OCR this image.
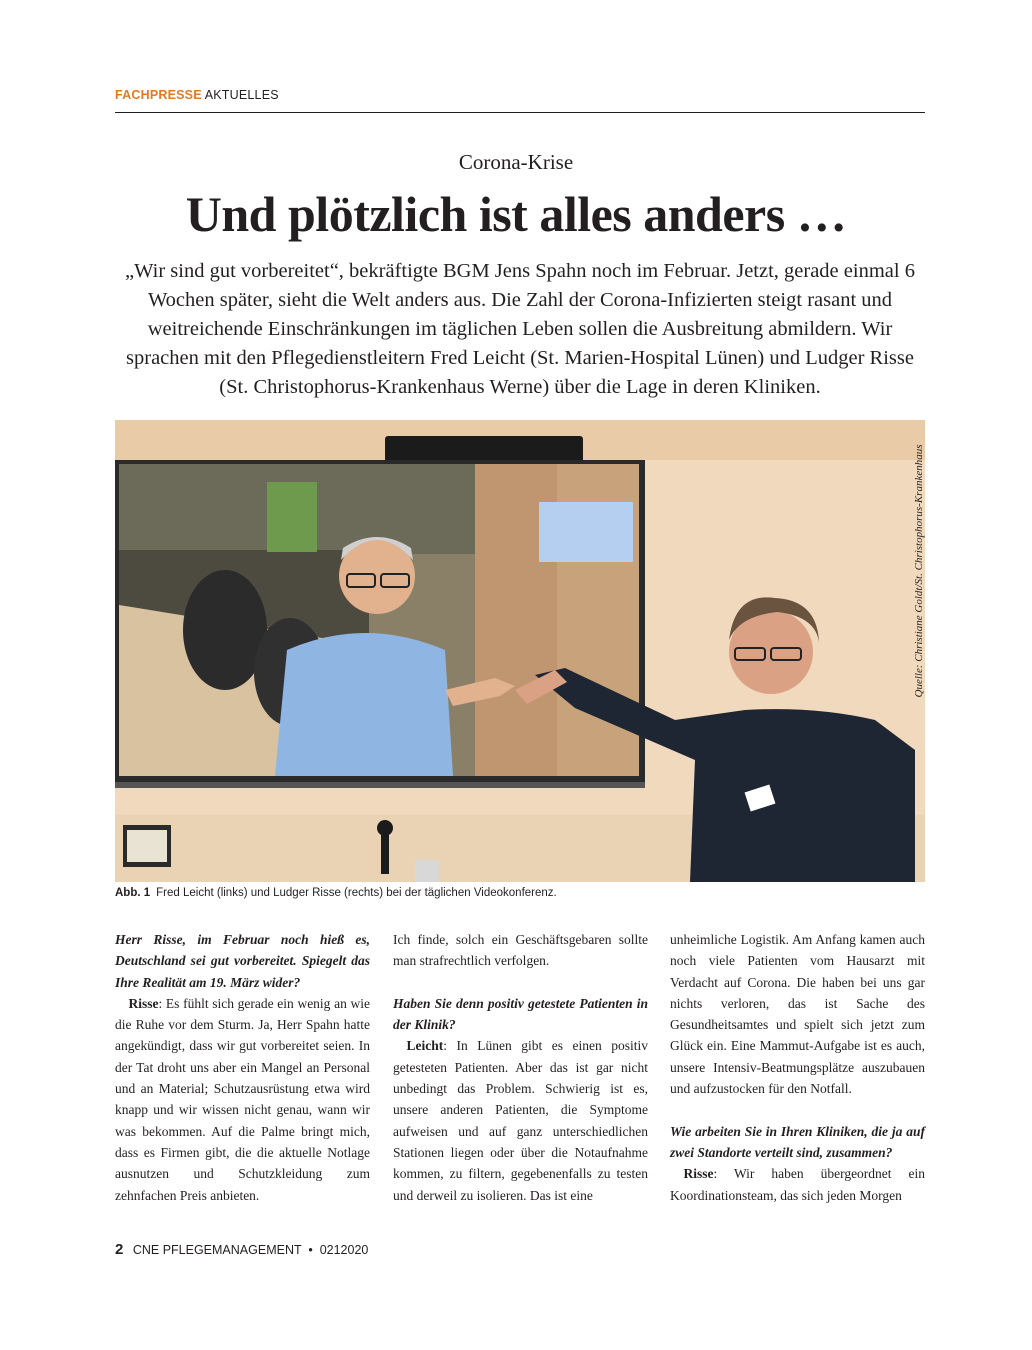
FACHPRESSE AKTUELLES
Corona-Krise
Und plötzlich ist alles anders …
„Wir sind gut vorbereitet“, bekräftigte BGM Jens Spahn noch im Februar. Jetzt, gerade einmal 6 Wochen später, sieht die Welt anders aus. Die Zahl der Corona-Infizierten steigt rasant und weitreichende Einschränkungen im täglichen Leben sollen die Ausbreitung abmildern. Wir sprachen mit den Pflegedienstleitern Fred Leicht (St. Marien-Hospital Lünen) und Ludger Risse (St. Christophorus-Krankenhaus Werne) über die Lage in deren Kliniken.
Quelle: Christiane Goldt/St. Christophorus-Krankenhaus
Abb. 1 Fred Leicht (links) und Ludger Risse (rechts) bei der täglichen Videokonferenz.

Herr Risse, im Februar noch hieß es, Deutschland sei gut vorbereitet. Spiegelt das Ihre Realität am 19. März wider?

 Risse: Es fühlt sich gerade ein wenig an wie die Ruhe vor dem Sturm. Ja, Herr Spahn hatte angekündigt, dass wir gut vorbereitet seien. In der Tat droht uns aber ein Mangel an Personal und an Material; Schutzausrüstung etwa wird knapp und wir wissen nicht genau, wann wir was bekommen. Auf die Palme bringt mich, dass es Firmen gibt, die die aktuelle Notlage ausnutzen und Schutzkleidung zum zehnfachen Preis anbieten.

Ich finde, solch ein Geschäftsgebaren sollte man strafrechtlich verfolgen.

Haben Sie denn positiv getestete Patienten in der Klinik?

 Leicht: In Lünen gibt es einen positiv getesteten Patienten. Aber das ist gar nicht unbedingt das Problem. Schwierig ist es, unsere anderen Patienten, die Symptome aufweisen und auf ganz unterschiedlichen Stationen liegen oder über die Notaufnahme kommen, zu filtern, gegebenenfalls zu testen und derweil zu isolieren. Das ist eine

unheimliche Logistik. Am Anfang kamen auch noch viele Patienten vom Hausarzt mit Verdacht auf Corona. Die haben bei uns gar nichts verloren, das ist Sache des Gesundheitsamtes und spielt sich jetzt zum Glück ein. Eine Mammut-Aufgabe ist es auch, unsere Intensiv-Beatmungsplätze auszubauen und aufzustocken für den Notfall.

Wie arbeiten Sie in Ihren Kliniken, die ja auf zwei Standorte verteilt sind, zusammen?

 Risse: Wir haben übergeordnet ein Koordinationsteam, das sich jeden Morgen

2 CNE PFLEGEMANAGEMENT  •  0212020
